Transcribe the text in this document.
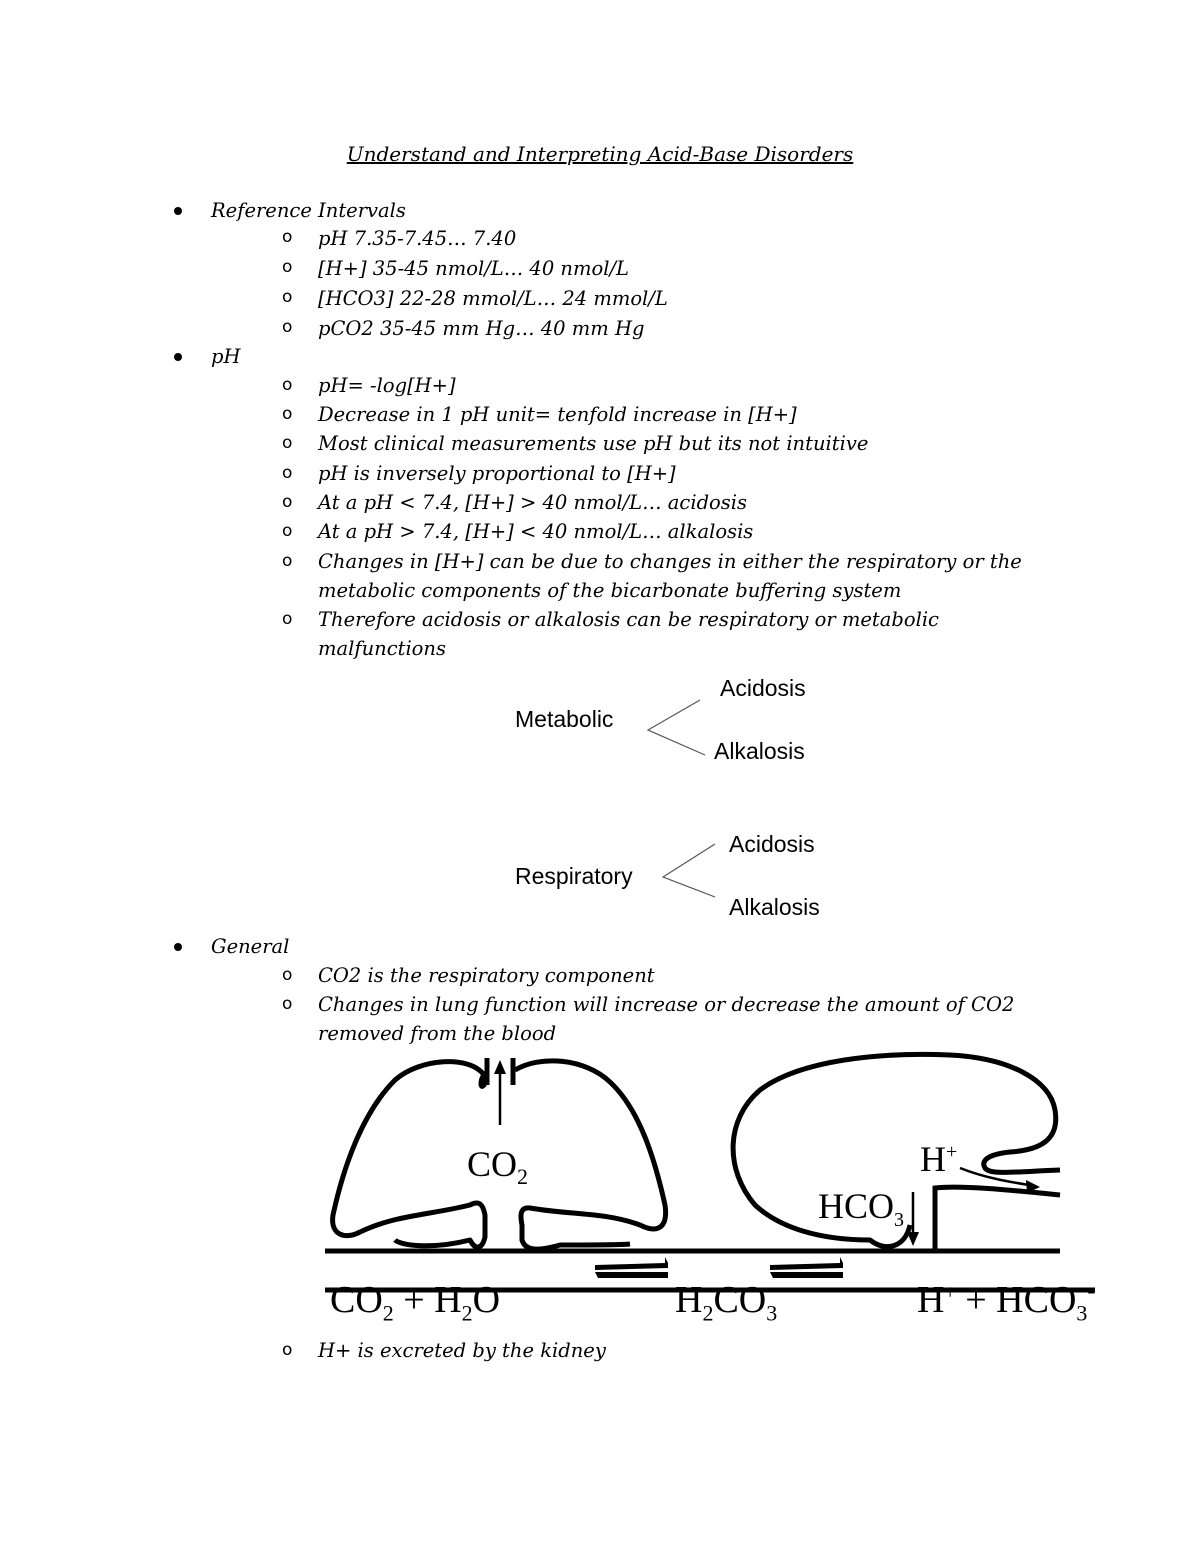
Understand and Interpreting Acid-Base Disorders
Reference Intervals
o pH 7.35-7.45… 7.40
o [H+] 35-45 nmol/L… 40 nmol/L
o [HCO3] 22-28 mmol/L… 24 mmol/L
o pCO2 35-45 mm Hg… 40 mm Hg
pH
o pH= -log[H+]
o Decrease in 1 pH unit= tenfold increase in [H+]
o Most clinical measurements use pH but its not intuitive
o pH is inversely proportional to [H+]
o At a pH < 7.4, [H+] > 40 nmol/L… acidosis
o At a pH > 7.4, [H+] < 40 nmol/L… alkalosis
o Changes in [H+] can be due to changes in either the respiratory or the metabolic components of the bicarbonate buffering system
o Therefore acidosis or alkalosis can be respiratory or metabolic malfunctions
Metabolic
Acidosis
Alkalosis
Respiratory
Acidosis
Alkalosis
General
o CO2 is the respiratory component
o Changes in lung function will increase or decrease the amount of CO2 removed from the blood
$CO_2$	H+
$HCO_3$
$CO_2 + H_2O$	$H_2CO_3$	$H^+ + HCO_3^-$
o H+ is excreted by the kidney
